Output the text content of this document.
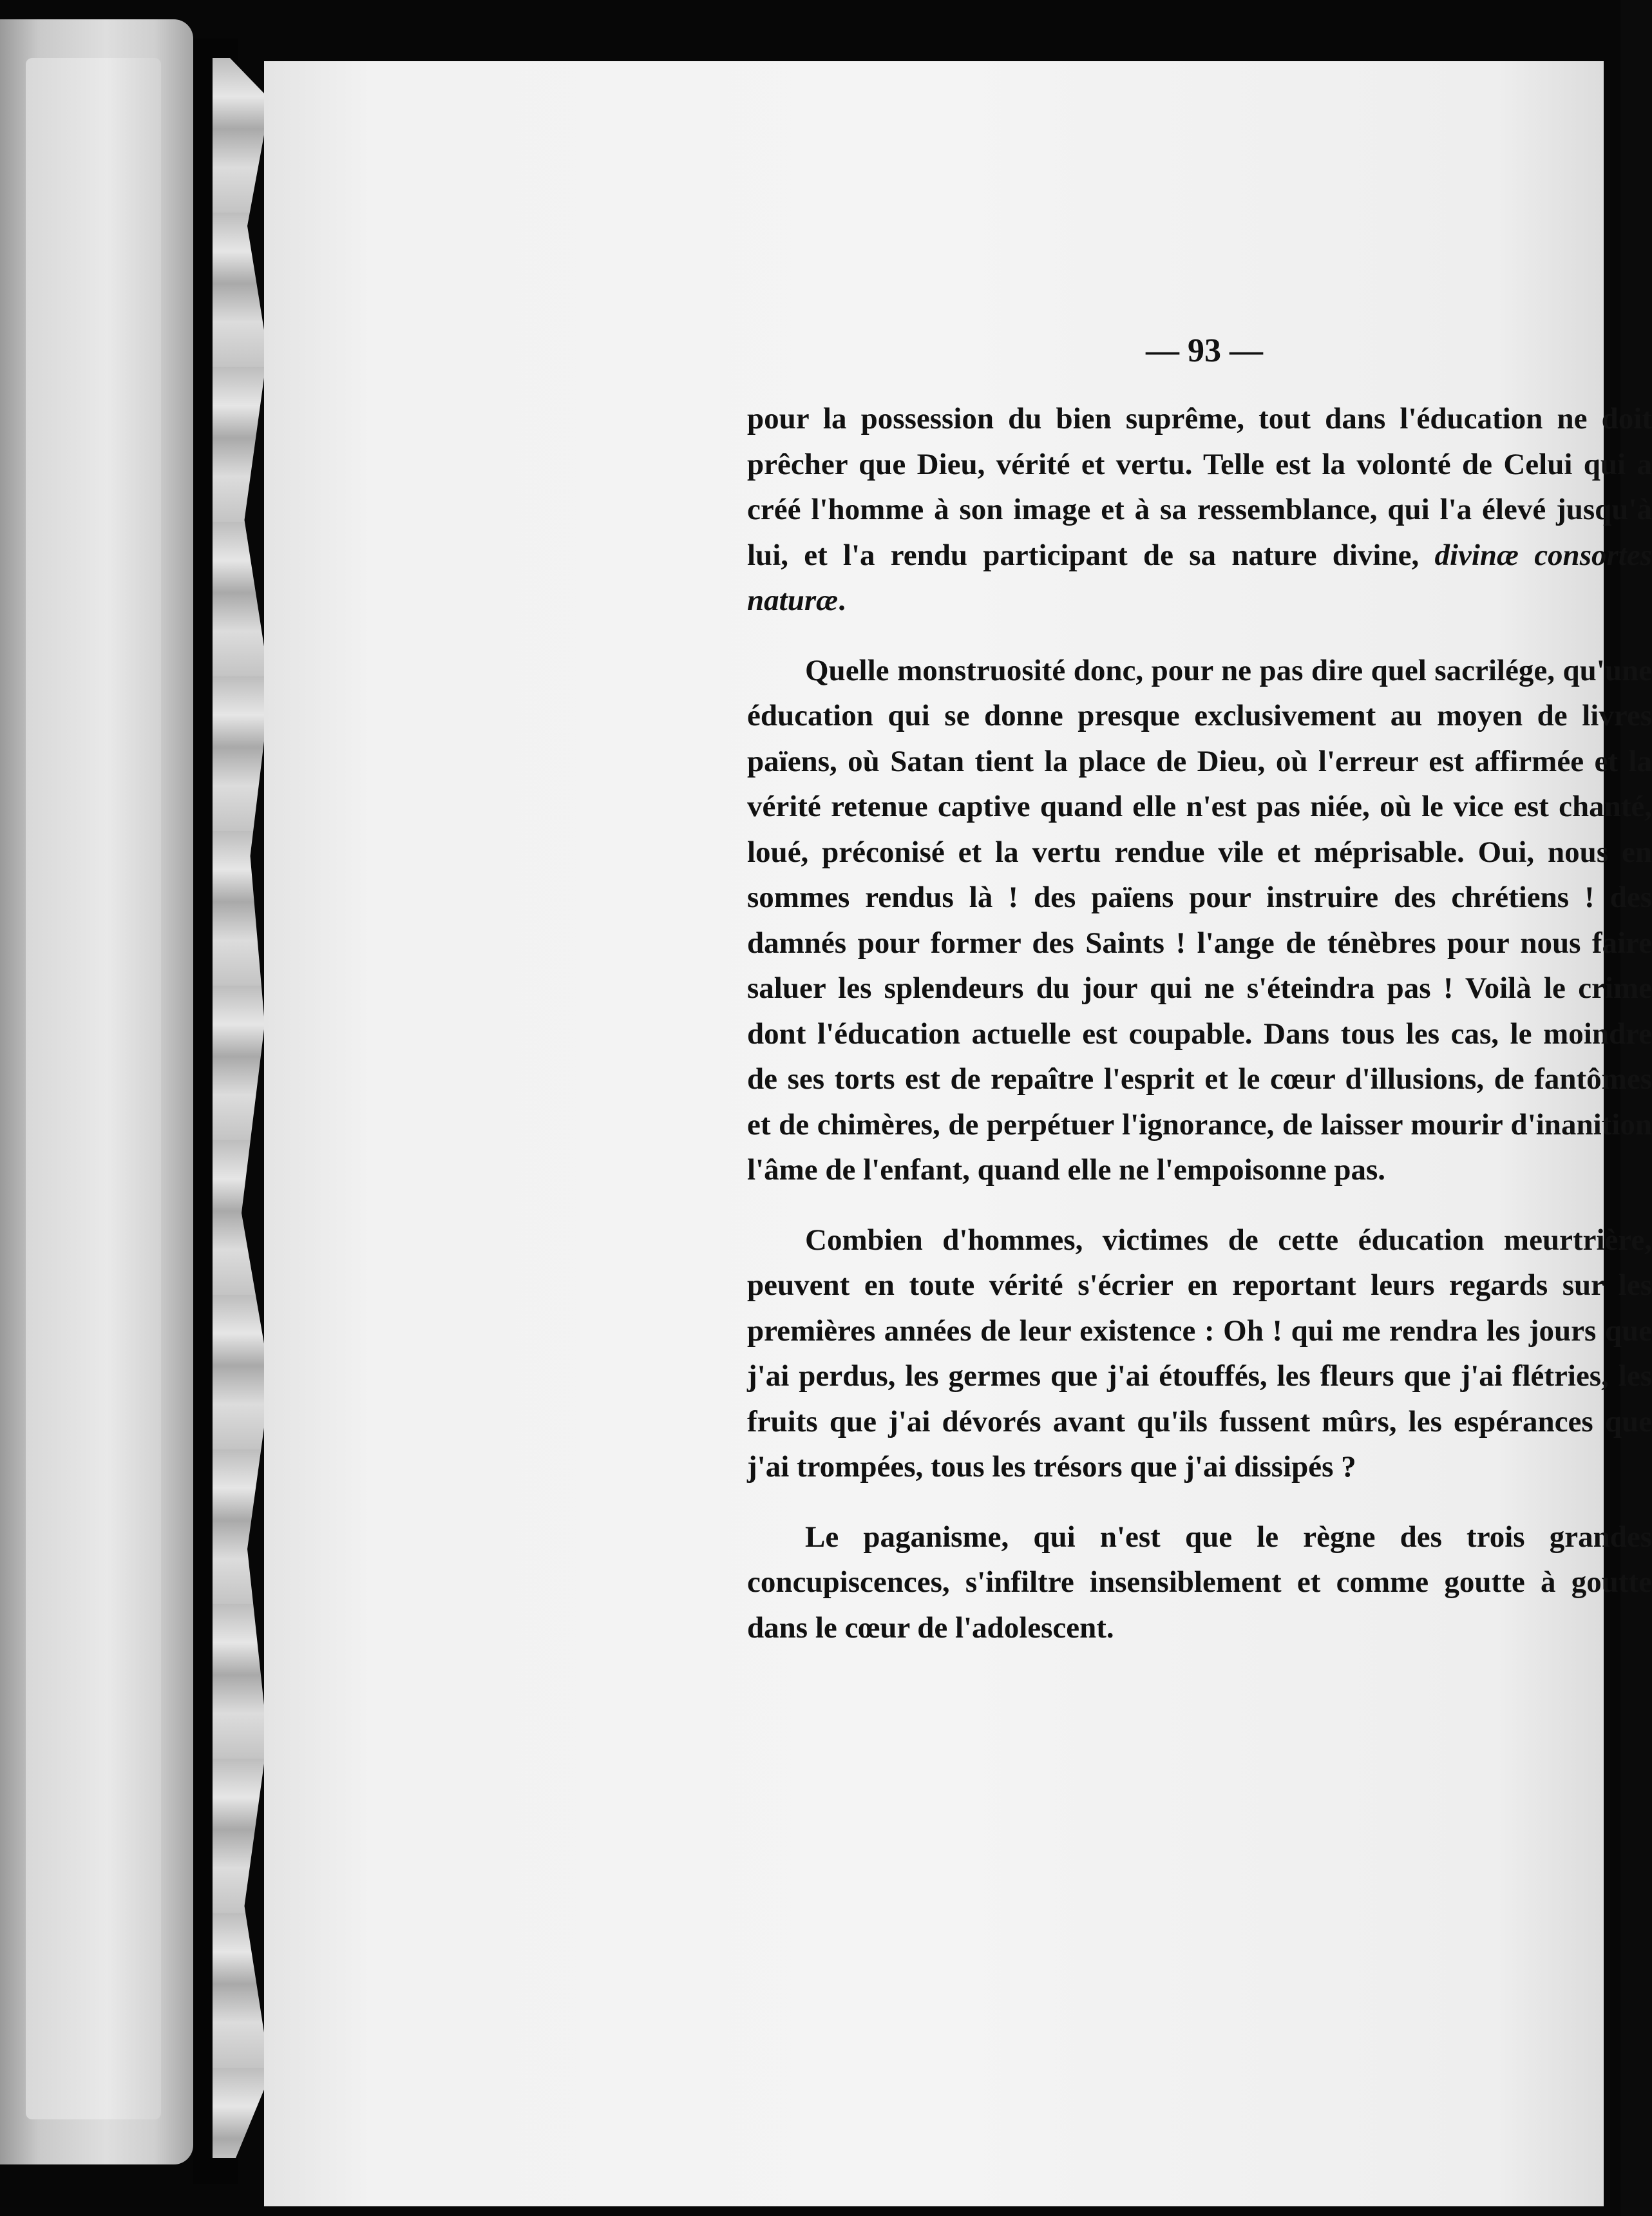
— 93 —

pour la possession du bien suprême, tout dans l'éducation ne doit prêcher que Dieu, vérité et vertu. Telle est la volonté de Celui qui a créé l'homme à son image et à sa ressemblance, qui l'a élevé jusqu'à lui, et l'a rendu participant de sa nature divine, divinæ consortes naturæ.

Quelle monstruosité donc, pour ne pas dire quel sacrilége, qu'une éducation qui se donne presque exclusivement au moyen de livres païens, où Satan tient la place de Dieu, où l'erreur est affirmée et la vérité retenue captive quand elle n'est pas niée, où le vice est chanté, loué, préconisé et la vertu rendue vile et méprisable. Oui, nous en sommes rendus là ! des païens pour instruire des chrétiens ! des damnés pour former des Saints ! l'ange de ténèbres pour nous faire saluer les splendeurs du jour qui ne s'éteindra pas ! Voilà le crime dont l'éducation actuelle est coupable. Dans tous les cas, le moindre de ses torts est de repaître l'esprit et le cœur d'illusions, de fantômes et de chimères, de perpétuer l'ignorance, de laisser mourir d'inanition l'âme de l'enfant, quand elle ne l'empoisonne pas.

Combien d'hommes, victimes de cette éducation meurtrière, peuvent en toute vérité s'écrier en reportant leurs regards sur les premières années de leur existence : Oh ! qui me rendra les jours que j'ai perdus, les germes que j'ai étouffés, les fleurs que j'ai flétries, les fruits que j'ai dévorés avant qu'ils fussent mûrs, les espérances que j'ai trompées, tous les trésors que j'ai dissipés ?

Le paganisme, qui n'est que le règne des trois grandes concupiscences, s'infiltre insensiblement et comme goutte à goutte dans le cœur de l'adolescent.
